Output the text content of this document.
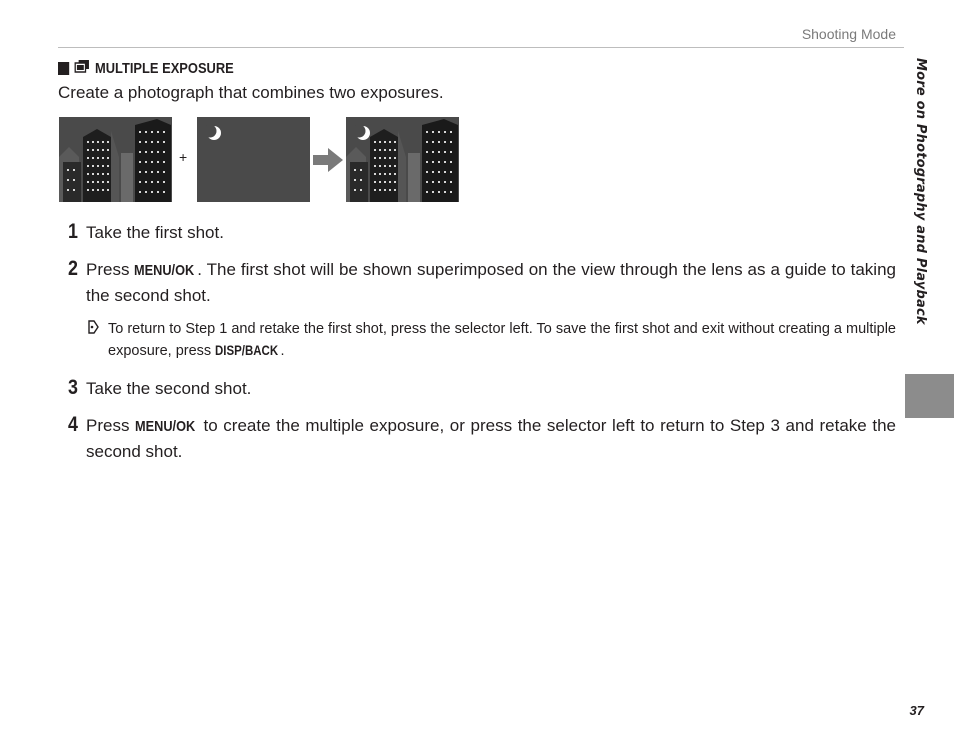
Shooting Mode
More on Photography and Playback
MULTIPLE EXPOSURE
Create a photograph that combines two exposures.
+
1 Take the first shot.
2 Press MENU/OK . The first shot will be shown superimposed on the view through the lens as a guide to taking the second shot.
To return to Step 1 and retake the first shot, press the selector left. To save the first shot and exit without creating a multiple exposure, press DISP/BACK .
3 Take the second shot.
4 Press MENU/OK to create the multiple exposure, or press the selector left to return to Step 3 and retake the second shot.
37
